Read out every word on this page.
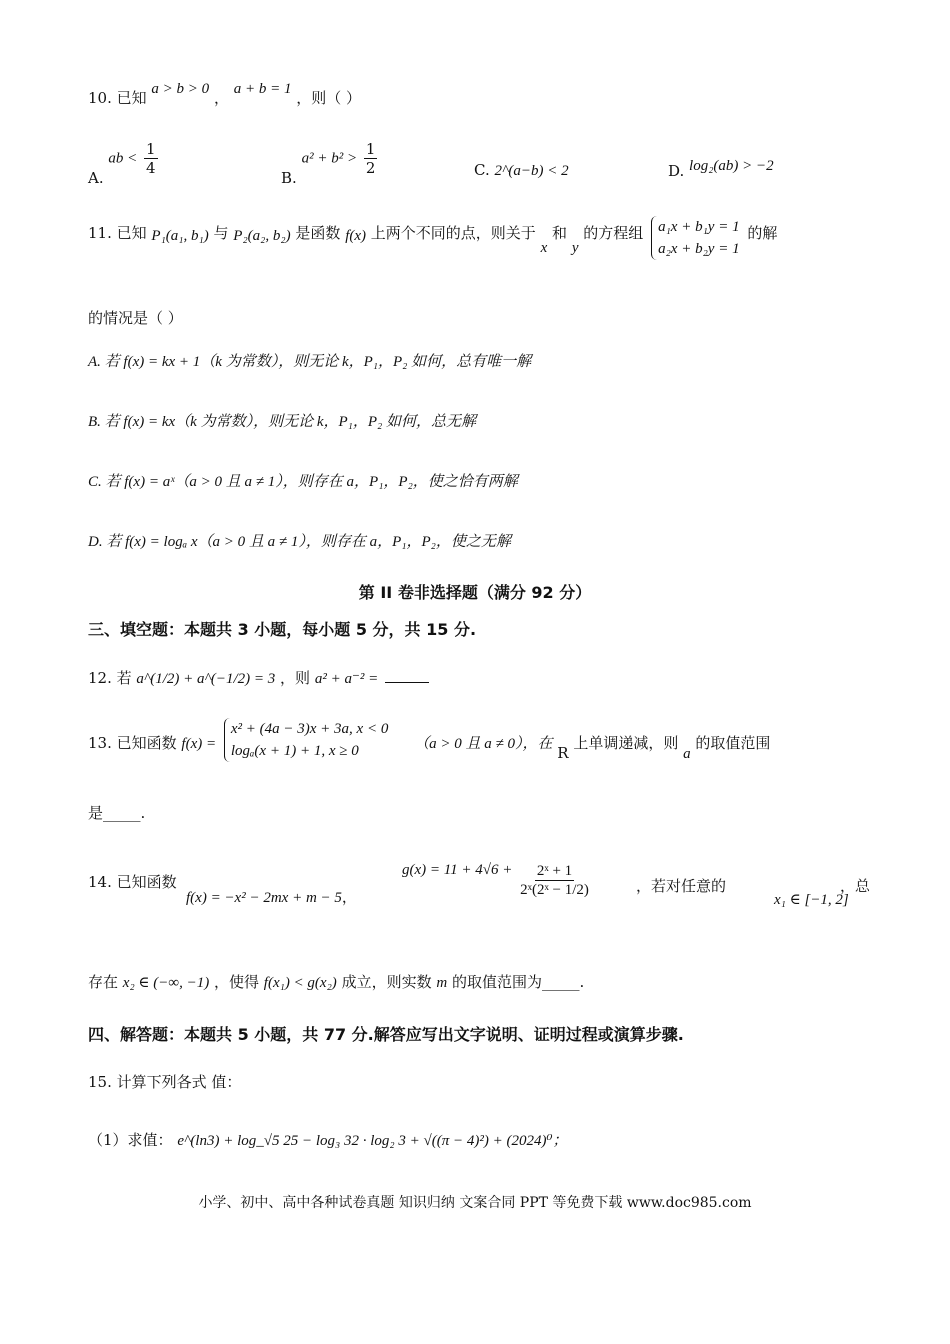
10. 已知 a > b > 0 ， a + b = 1 ，则（ ）
A. ab < $\frac{1}{4}$
B. $a^2 + b^2 > \frac{1}{2}$	C. 2^(a−b) < 2	D. log₂(ab) > −2
11. 已知 P₁(a₁, b₁) 与 P₂(a₂, b₂) 是函数 f(x) 上两个不同的点，则关于 x 和 y 的方程组 a₁x + b₁y = 1
a₂x + b₂y = 1
的解
的情况是（ ）
A. 若 f(x) = kx + 1（k 为常数），则无论 k，P₁，P₂ 如何，总有唯一解
B. 若 f(x) = kx（k 为常数），则无论 k，P₁，P₂ 如何，总无解
C. 若 f(x) = aˣ（a > 0 且 a ≠ 1），则存在 a，P₁，P₂，使之恰有两解
D. 若 f(x) = logₐ x（a > 0 且 a ≠ 1），则存在 a，P₁，P₂，使之无解
第 II 卷非选择题（满分 92 分）
三、填空题：本题共 3 小题，每小题 5 分，共 15 分.
12. 若 a^(1/2) + a^(−1/2) = 3 ，则 a² + a⁻² =
13. 已知函数 f(x) =
x² + (4a − 3)x + 3a, x < 0
logₐ(x + 1) + 1, x ≥ 0	（a > 0 且 a ≠ 0），在 R 上单调递减，则 a 的取值范围
是_____.
14. 已知函数
f(x) = −x² − 2mx + m − 5，
$g(x) = 11 + 4√6 + \frac{\text{2ˣ + 1}}{\text{2ˣ(2ˣ − 1/2)}}$	，若对任意的
x₁ ∈ [−1, 2]
，总
存在 x₂ ∈ (−∞, −1) ，使得 f(x₁) < g(x₂) 成立，则实数 m 的取值范围为_____.
四、解答题：本题共 5 小题，共 77 分.解答应写出文字说明、证明过程或演算步骤.
15. 计算下列各式 值：
（1）求值： e^(ln3) + log_√5 25 − log₃ 32 · log₂ 3 + √((π − 4)²) + (2024)⁰；
小学、初中、高中各种试卷真题 知识归纳 文案合同 PPT 等免费下载 www.doc985.com
